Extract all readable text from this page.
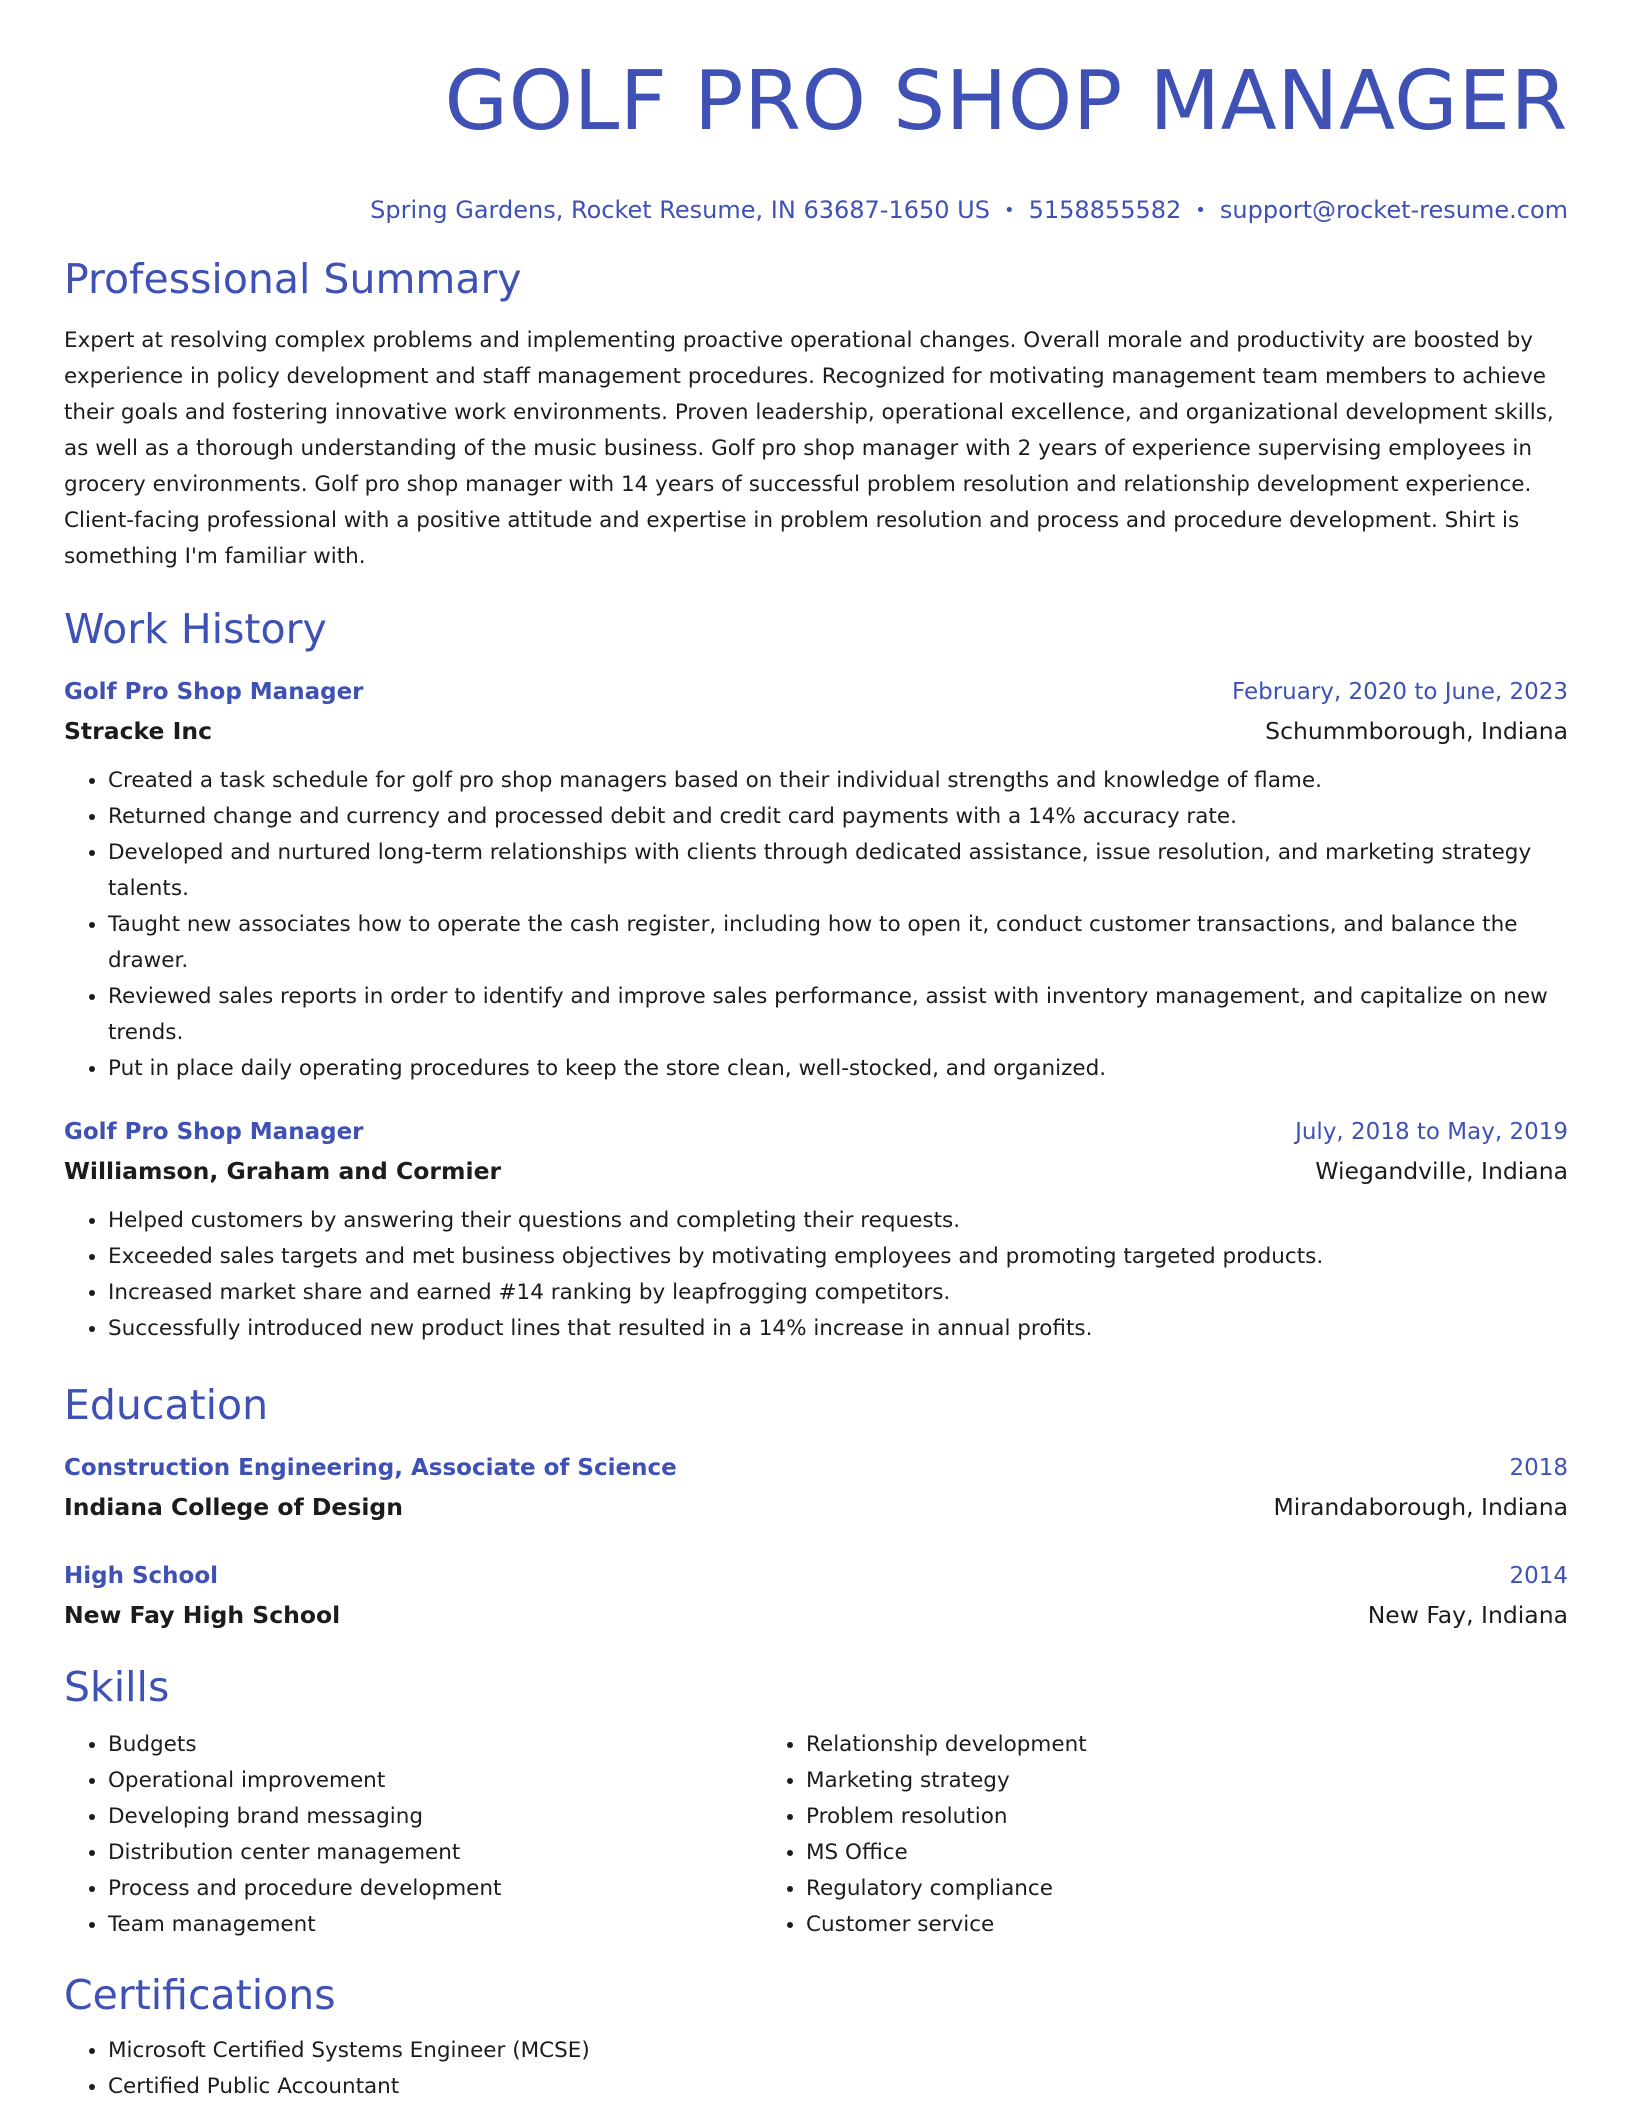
GOLF PRO SHOP MANAGER
Spring Gardens, Rocket Resume, IN 63687-1650 US • 5158855582 • support@rocket-resume.com
Professional Summary
Expert at resolving complex problems and implementing proactive operational changes. Overall morale and productivity are boosted by experience in policy development and staff management procedures. Recognized for motivating management team members to achieve their goals and fostering innovative work environments. Proven leadership, operational excellence, and organizational development skills, as well as a thorough understanding of the music business. Golf pro shop manager with 2 years of experience supervising employees in grocery environments. Golf pro shop manager with 14 years of successful problem resolution and relationship development experience. Client-facing professional with a positive attitude and expertise in problem resolution and process and procedure development. Shirt is something I'm familiar with.
Work History
Golf Pro Shop Manager	February, 2020 to June, 2023
Stracke Inc	Schummborough, Indiana
• Created a task schedule for golf pro shop managers based on their individual strengths and knowledge of flame.
• Returned change and currency and processed debit and credit card payments with a 14% accuracy rate.
• Developed and nurtured long-term relationships with clients through dedicated assistance, issue resolution, and marketing strategy talents.
• Taught new associates how to operate the cash register, including how to open it, conduct customer transactions, and balance the drawer.
• Reviewed sales reports in order to identify and improve sales performance, assist with inventory management, and capitalize on new trends.
• Put in place daily operating procedures to keep the store clean, well-stocked, and organized.
Golf Pro Shop Manager	July, 2018 to May, 2019
Williamson, Graham and Cormier	Wiegandville, Indiana
• Helped customers by answering their questions and completing their requests.
• Exceeded sales targets and met business objectives by motivating employees and promoting targeted products.
• Increased market share and earned #14 ranking by leapfrogging competitors.
• Successfully introduced new product lines that resulted in a 14% increase in annual profits.
Education
Construction Engineering, Associate of Science	2018
Indiana College of Design	Mirandaborough, Indiana
High School	2014
New Fay High School	New Fay, Indiana
Skills
• Budgets
• Operational improvement
• Developing brand messaging
• Distribution center management
• Process and procedure development
• Team management
• Relationship development
• Marketing strategy
• Problem resolution
• MS Office
• Regulatory compliance
• Customer service
Certifications
• Microsoft Certified Systems Engineer (MCSE)
• Certified Public Accountant
